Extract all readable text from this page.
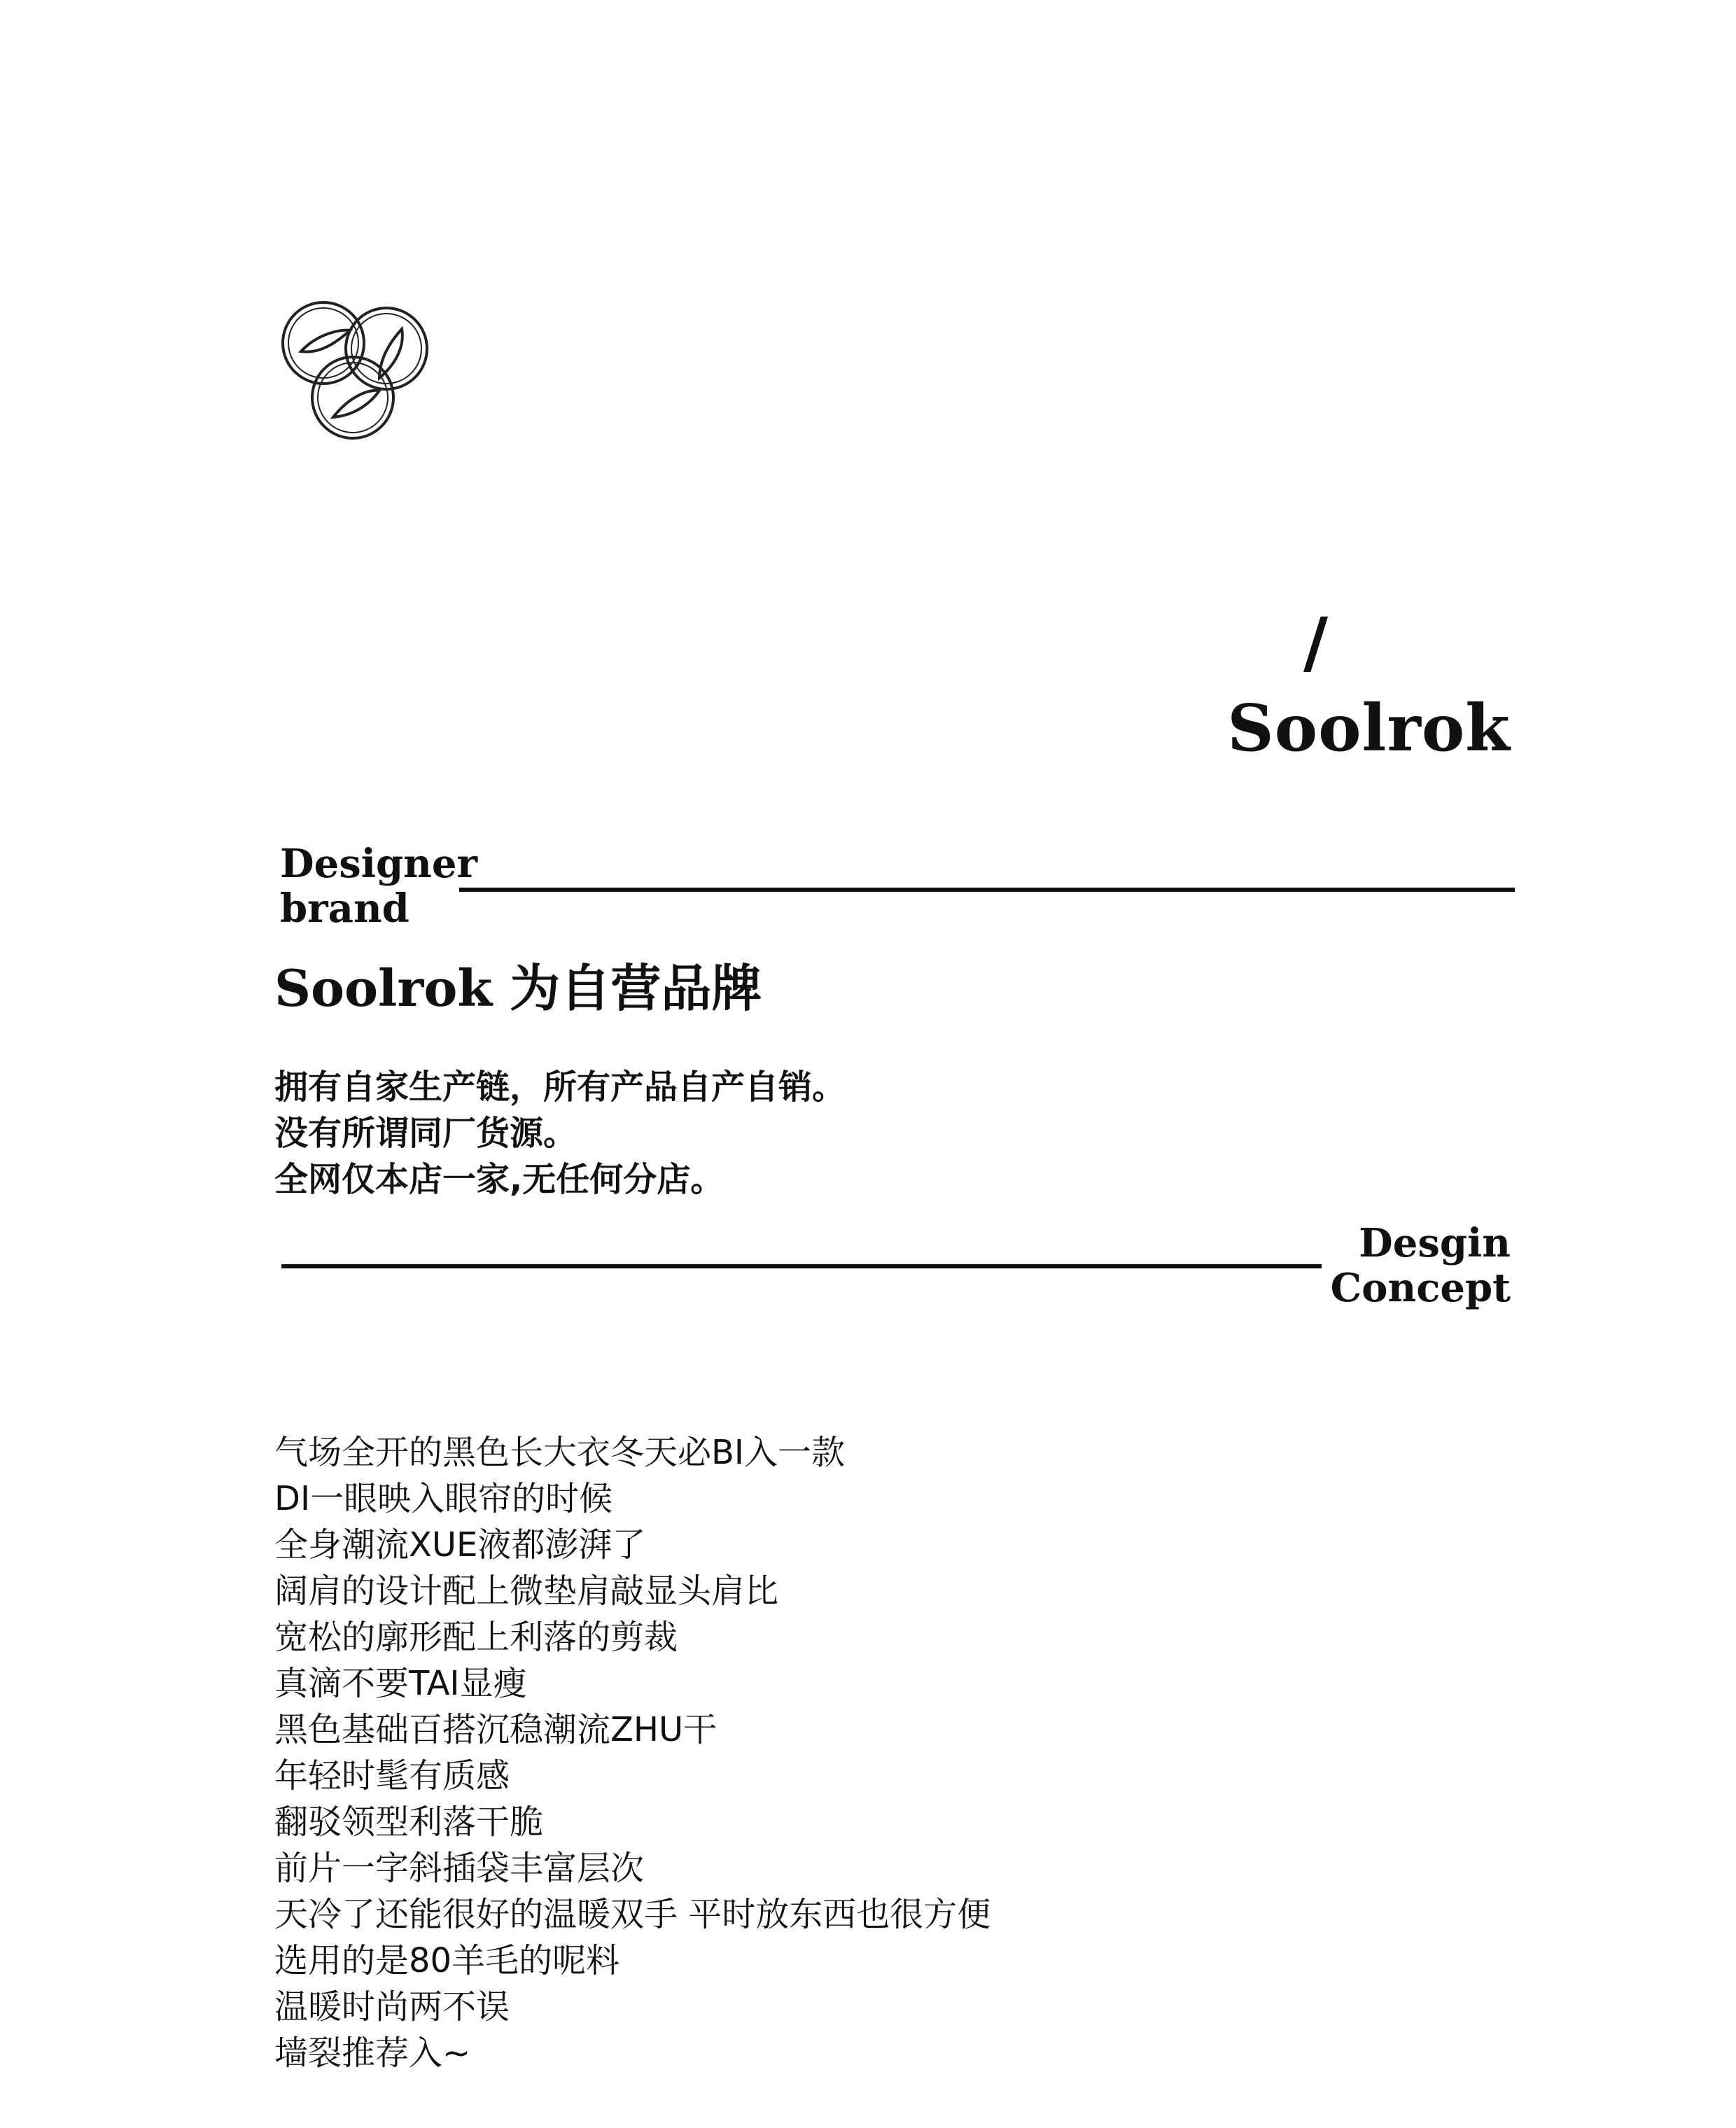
/
Soolrok
Designer
brand
Soolrok 为自营品牌
拥有自家生产链，所有产品自产自销。
没有所谓同厂货源。
全网仅本店一家,无任何分店。
Desgin
Concept
气场全开的黑色长大衣冬天必BI入一款
DI一眼映入眼帘的时候
全身潮流XUE液都澎湃了
阔肩的设计配上微垫肩敲显头肩比
宽松的廓形配上利落的剪裁
真滴不要TAI显瘦
黑色基础百搭沉稳潮流ZHU干
年轻时髦有质感
翻驳领型利落干脆
前片一字斜插袋丰富层次
天冷了还能很好的温暖双手 平时放东西也很方便
选用的是80羊毛的呢料
温暖时尚两不误
墙裂推荐入~
